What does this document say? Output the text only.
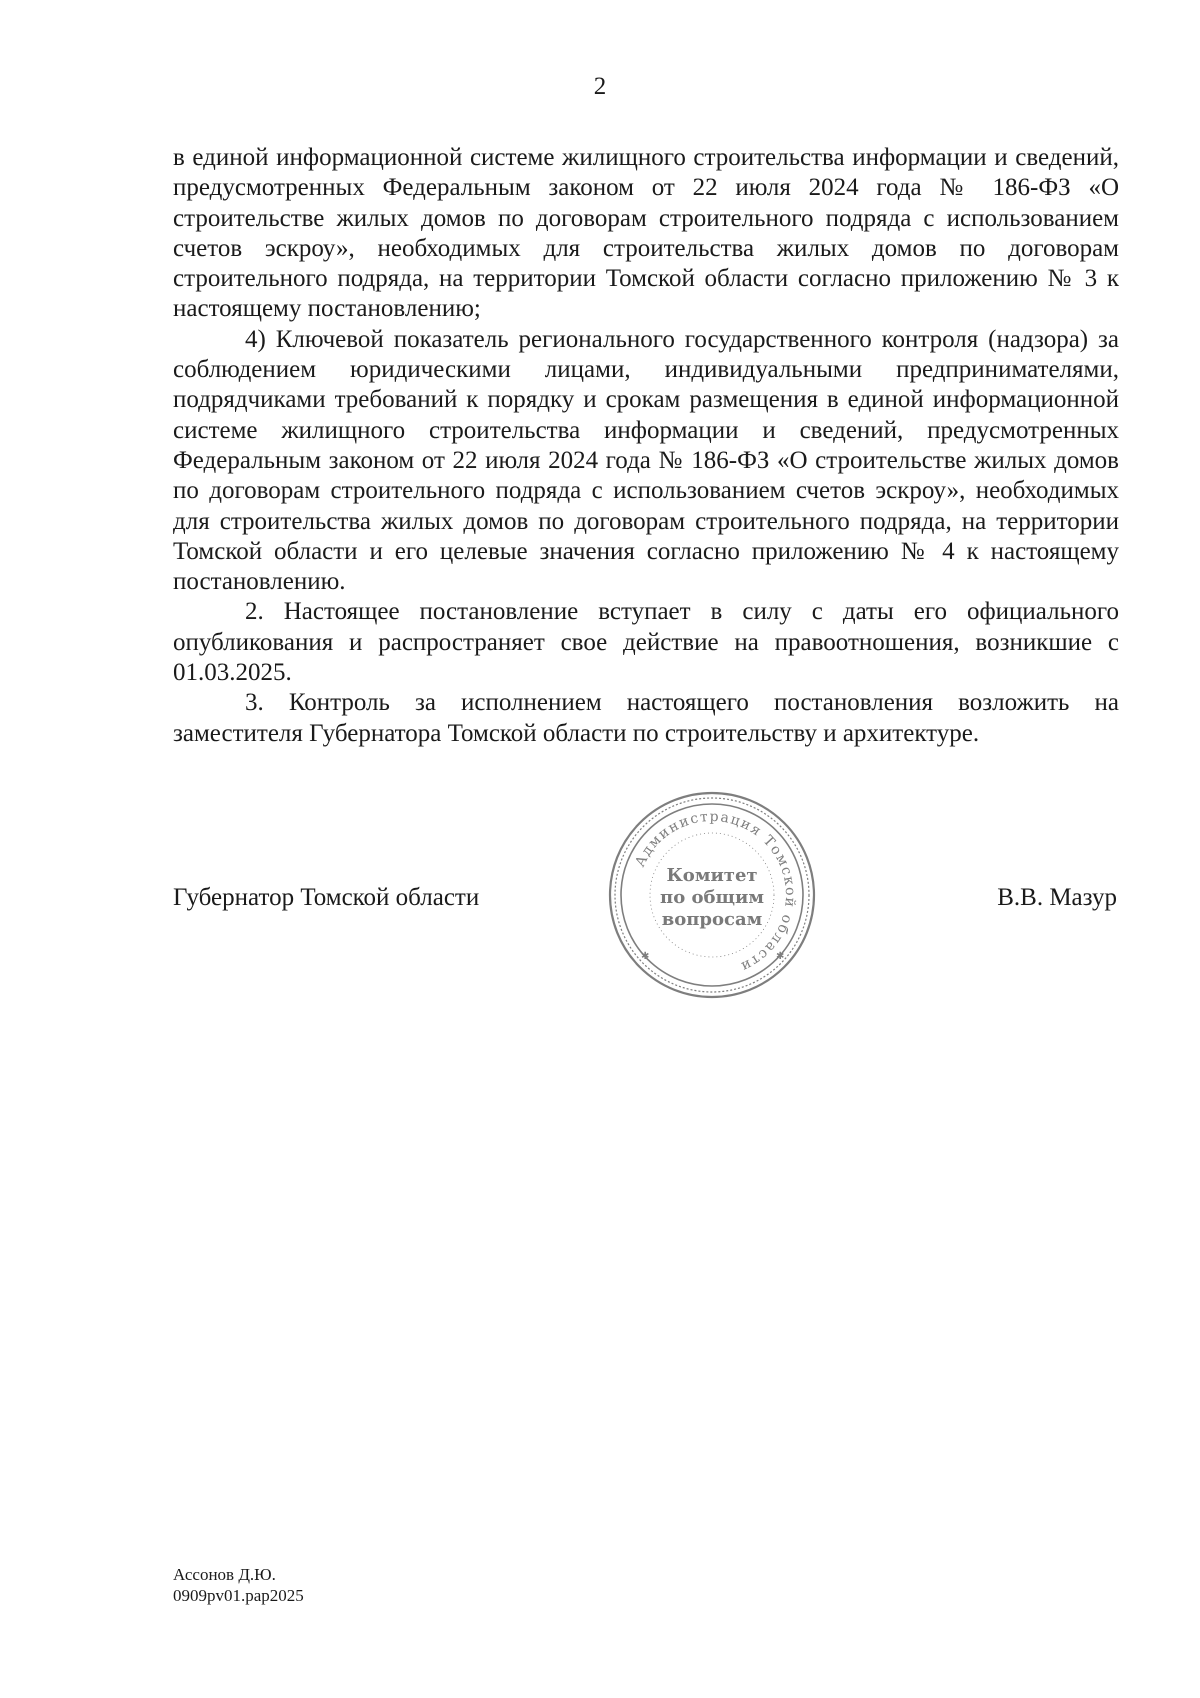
2

в единой информационной системе жилищного строительства информации и сведений, предусмотренных Федеральным законом от 22 июля 2024 года № 186-ФЗ «О строительстве жилых домов по договорам строительного подряда с использованием счетов эскроу», необходимых для строительства жилых домов по договорам строительного подряда, на территории Томской области согласно приложению № 3 к настоящему постановлению;

4) Ключевой показатель регионального государственного контроля (надзора) за соблюдением юридическими лицами, индивидуальными предпринимателями, подрядчиками требований к порядку и срокам размещения в единой информационной системе жилищного строительства информации и сведений, предусмотренных Федеральным законом от 22 июля 2024 года № 186-ФЗ «О строительстве жилых домов по договорам строительного подряда с использованием счетов эскроу», необходимых для строительства жилых домов по договорам строительного подряда, на территории Томской области и его целевые значения согласно приложению № 4 к настоящему постановлению.

2. Настоящее постановление вступает в силу с даты его официального опубликования и распространяет свое действие на правоотношения, возникшие с 01.03.2025.

3. Контроль за исполнением настоящего постановления возложить на заместителя Губернатора Томской области по строительству и архитектуре.

Губернатор Томской области
Администрация Томской области
✱	✱
Комитет
по общим
вопросам
В.В. Мазур
Ассонов Д.Ю.
0909pv01.pap2025
